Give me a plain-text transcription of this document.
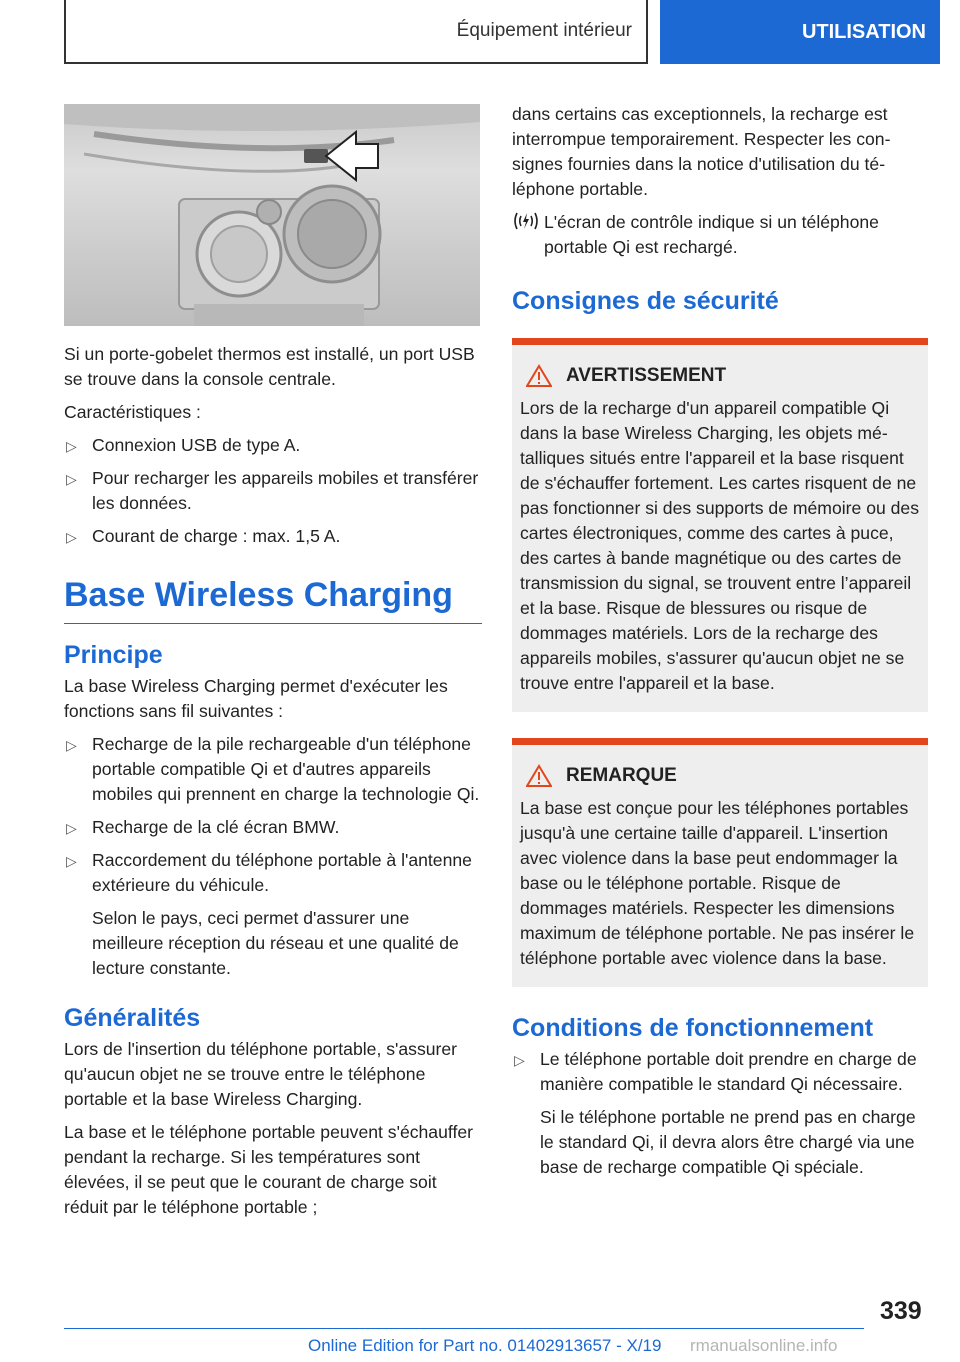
Équipement intérieur	UTILISATION

Si un porte-gobelet thermos est installé, un port USB se trouve dans la console centrale.

Caractéristiques :

▷ Connexion USB de type A.
▷ Pour recharger les appareils mobiles et transférer les données.
▷ Courant de charge : max. 1,5 A.
Base Wireless Charging
Principe

La base Wireless Charging permet d'exécuter les fonctions sans fil suivantes :

▷ Recharge de la pile rechargeable d'un téléphone portable compatible Qi et d'autres appareils mobiles qui prennent en charge la technologie Qi.
▷ Recharge de la clé écran BMW.
▷ Raccordement du téléphone portable à l'antenne extérieure du véhicule.

Selon le pays, ceci permet d'assurer une meilleure réception du réseau et une qualité de lecture constante.

Généralités

Lors de l'insertion du téléphone portable, s'assurer qu'aucun objet ne se trouve entre le téléphone portable et la base Wireless Charging.

La base et le téléphone portable peuvent s'échauffer pendant la recharge. Si les températures sont élevées, il se peut que le courant de charge soit réduit par le téléphone portable ;

dans certains cas exceptionnels, la recharge est interrompue temporairement. Respecter les consignes fournies dans la notice d'utilisation du téléphone portable.

L'écran de contrôle indique si un téléphone portable Qi est rechargé.

Consignes de sécurité
AVERTISSEMENT

Lors de la recharge d'un appareil compatible Qi dans la base Wireless Charging, les objets métalliques situés entre l'appareil et la base risquent de s'échauffer fortement. Les cartes risquent de ne pas fonctionner si des supports de mémoire ou des cartes électroniques, comme des cartes à puce, des cartes à bande magnétique ou des cartes de transmission du signal, se trouvent entre l’appareil et la base. Risque de blessures ou risque de dommages matériels. Lors de la recharge des appareils mobiles, s'assurer qu'aucun objet ne se trouve entre l'appareil et la base.

REMARQUE

La base est conçue pour les téléphones portables jusqu'à une certaine taille d'appareil. L'insertion avec violence dans la base peut endommager la base ou le téléphone portable. Risque de dommages matériels. Respecter les dimensions maximum de téléphone portable. Ne pas insérer le téléphone portable avec violence dans la base.

Conditions de fonctionnement
▷ Le téléphone portable doit prendre en charge de manière compatible le standard Qi nécessaire.

Si le téléphone portable ne prend pas en charge le standard Qi, il devra alors être chargé via une base de recharge compatible Qi spéciale.

339
Online Edition for Part no. 01402913657 - X/19 rmanualsonline.info
